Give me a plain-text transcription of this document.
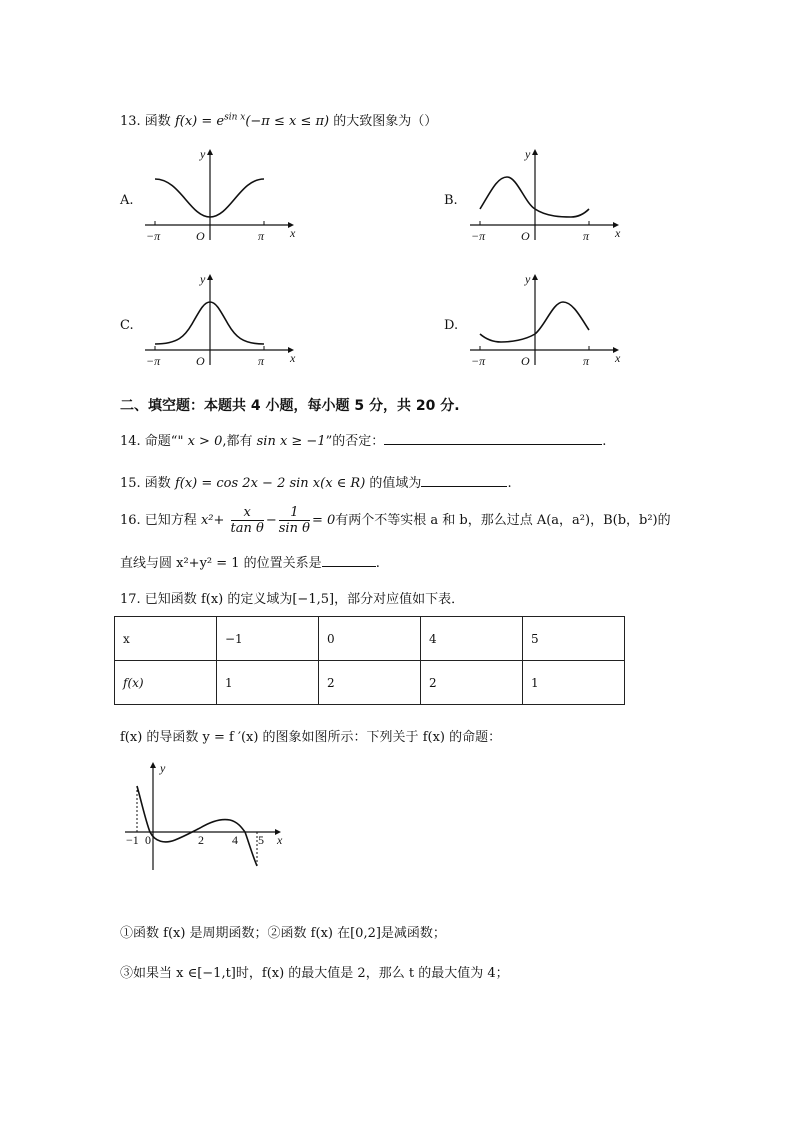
13. 函数 $f(x) = e^{sin x}(-\pi \le x \le \pi)$ 的大致图象为（）
A.	B.
C.	D.
x
y
O
−π	π	x
y
O
−π	π
x
y
O
−π	π	x
y
O
−π	π
二、填空题：本题共 4 小题，每小题 5 分，共 20 分.
14. 命题“" x > 0,都有 sin x ≥ −1”的否定：	.
15. 函数 f(x) = cos 2x − 2 sin x(x ∈ R) 的值域为	.
16. 已知方程 $x^2+ \frac{x}{\text{tan θ}} - \frac{1}{\text{sin θ}} = 0$有两个不等实根 a 和 b，那么过点 A(a，a²)，B(b，b²)的
直线与圆 x²+y² = 1 的位置关系是	.
17. 已知函数 f(x) 的定义域为[−1,5]，部分对应值如下表．
x	−1	0	4	5
f(x)	1	2	2	1
f(x) 的导函数 y = f ′(x) 的图象如图所示：下列关于 f(x) 的命题：
y
x
−1 0	2 4 5
①函数 f(x) 是周期函数；②函数 f(x) 在[0,2]是减函数；
③如果当 x ∈[−1,t]时，f(x) 的最大值是 2，那么 t 的最大值为 4；
